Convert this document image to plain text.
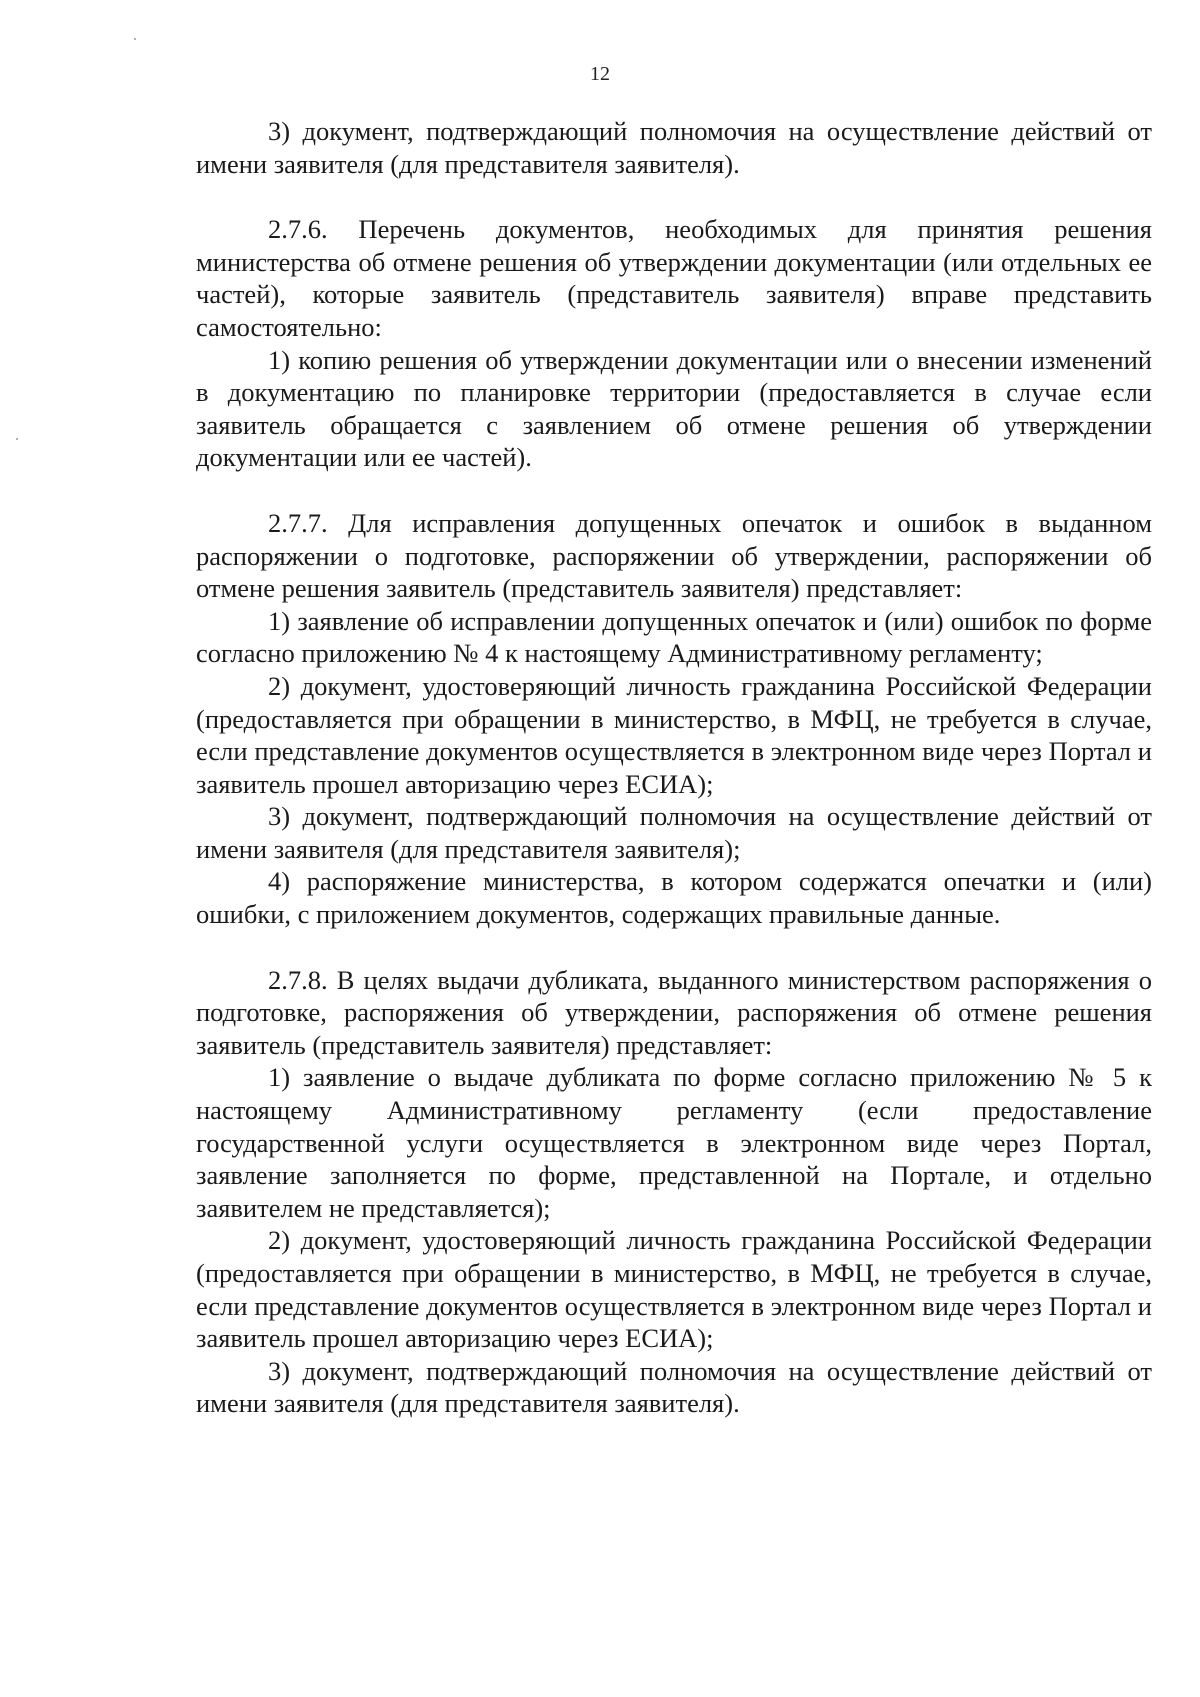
12

3) документ, подтверждающий полномочия на осуществление действий от имени заявителя (для представителя заявителя).

2.7.6. Перечень документов, необходимых для принятия решения министерства об отмене решения об утверждении документации (или отдельных ее частей), которые заявитель (представитель заявителя) вправе представить самостоятельно:

1) копию решения об утверждении документации или о внесении изменений в документацию по планировке территории (предоставляется в случае если заявитель обращается с заявлением об отмене решения об утверждении документации или ее частей).

2.7.7. Для исправления допущенных опечаток и ошибок в выданном распоряжении о подготовке, распоряжении об утверждении, распоряжении об отмене решения заявитель (представитель заявителя) представляет:

1) заявление об исправлении допущенных опечаток и (или) ошибок по форме согласно приложению № 4 к настоящему Административному регламенту;

2) документ, удостоверяющий личность гражданина Российской Федерации (предоставляется при обращении в министерство, в МФЦ, не требуется в случае, если представление документов осуществляется в электронном виде через Портал и заявитель прошел авторизацию через ЕСИА);

3) документ, подтверждающий полномочия на осуществление действий от имени заявителя (для представителя заявителя);

4) распоряжение министерства, в котором содержатся опечатки и (или) ошибки, с приложением документов, содержащих правильные данные.

2.7.8. В целях выдачи дубликата, выданного министерством распоряжения о подготовке, распоряжения об утверждении, распоряжения об отмене решения заявитель (представитель заявителя) представляет:

1) заявление о выдаче дубликата по форме согласно приложению № 5 к настоящему Административному регламенту (если предоставление государственной услуги осуществляется в электронном виде через Портал, заявление заполняется по форме, представленной на Портале, и отдельно заявителем не представляется);

2) документ, удостоверяющий личность гражданина Российской Федерации (предоставляется при обращении в министерство, в МФЦ, не требуется в случае, если представление документов осуществляется в электронном виде через Портал и заявитель прошел авторизацию через ЕСИА);

3) документ, подтверждающий полномочия на осуществление действий от имени заявителя (для представителя заявителя).
